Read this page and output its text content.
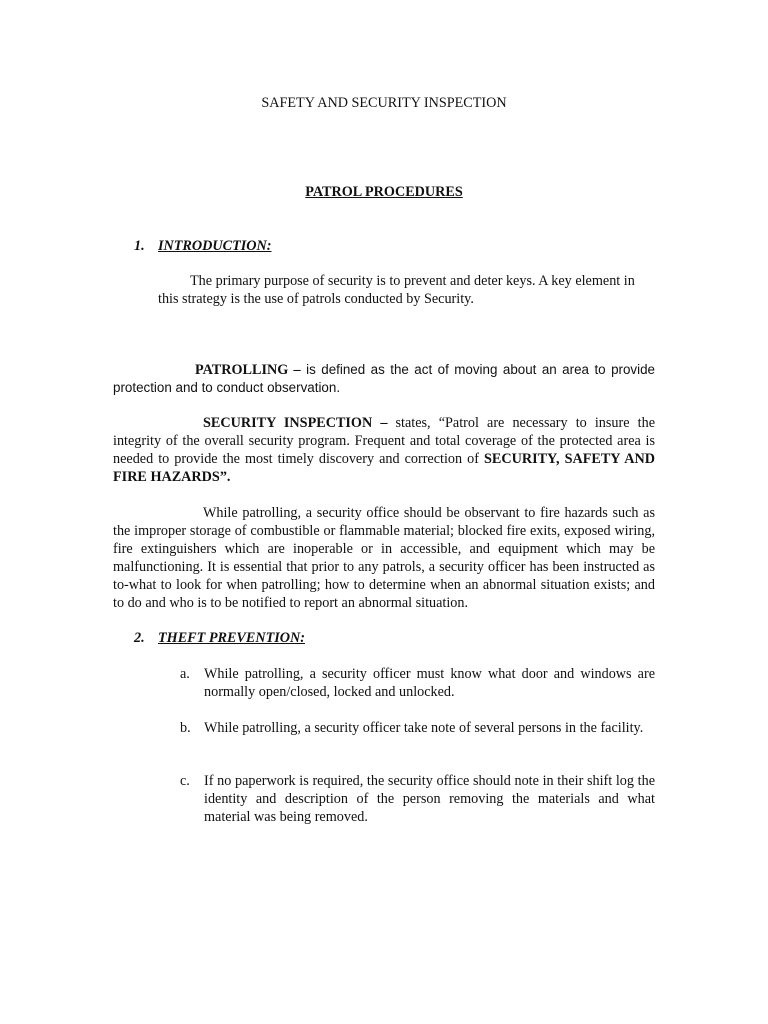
SAFETY AND SECURITY INSPECTION
PATROL PROCEDURES
1. INTRODUCTION:
The primary purpose of security is to prevent and deter keys. A key element in this strategy is the use of patrols conducted by Security.
PATROLLING – is defined as the act of moving about an area to provide protection and to conduct observation.
SECURITY INSPECTION – states, “Patrol are necessary to insure the integrity of the overall security program. Frequent and total coverage of the protected area is needed to provide the most timely discovery and correction of SECURITY, SAFETY AND FIRE HAZARDS”.
While patrolling, a security office should be observant to fire hazards such as the improper storage of combustible or flammable material; blocked fire exits, exposed wiring, fire extinguishers which are inoperable or in accessible, and equipment which may be malfunctioning. It is essential that prior to any patrols, a security officer has been instructed as to-what to look for when patrolling; how to determine when an abnormal situation exists; and to do and who is to be notified to report an abnormal situation.
2. THEFT PREVENTION:
a. While patrolling, a security officer must know what door and windows are normally open/closed, locked and unlocked.
b. While patrolling, a security officer take note of several persons in the facility.
c. If no paperwork is required, the security office should note in their shift log the identity and description of the person removing the materials and what material was being removed.
